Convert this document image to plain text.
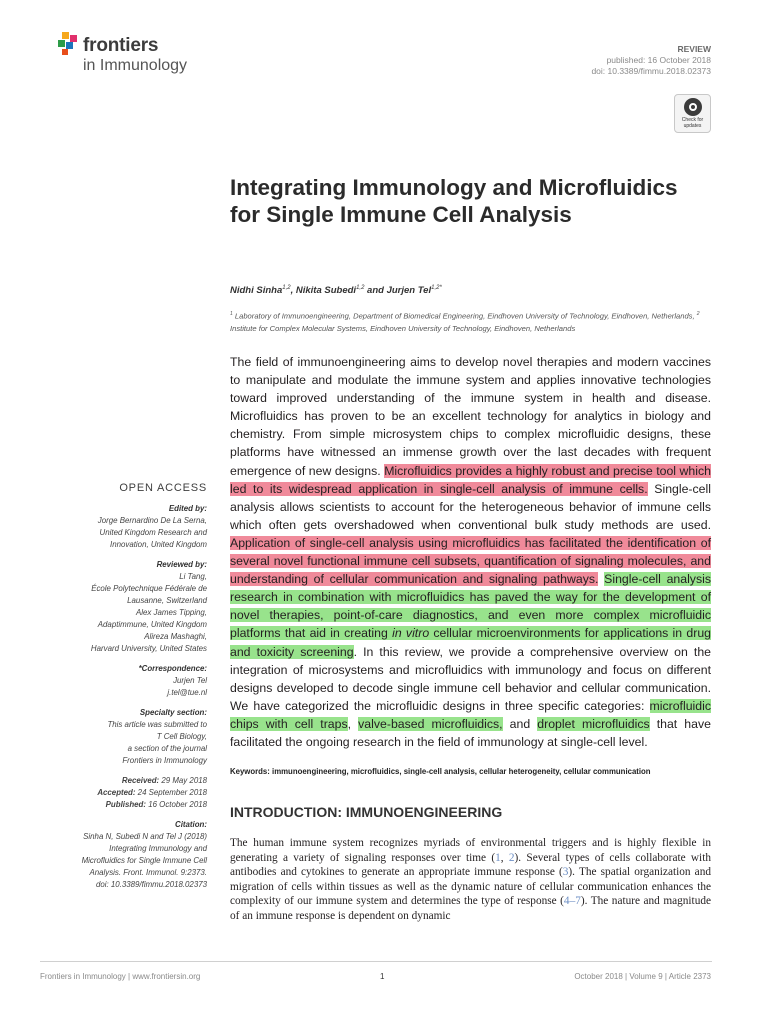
frontiers
in Immunology
REVIEW
published: 16 October 2018
doi: 10.3389/fimmu.2018.02373
Check for
updates
Integrating Immunology and Microfluidics for Single Immune Cell Analysis
Nidhi Sinha$^{1,2}$, Nikita Subedi$^{1,2}$ and Jurjen Tel$^{1,2*}$
$^1$ Laboratory of Immunoengineering, Department of Biomedical Engineering, Eindhoven University of Technology, Eindhoven, Netherlands, $^2$ Institute for Complex Molecular Systems, Eindhoven University of Technology, Eindhoven, Netherlands
The field of immunoengineering aims to develop novel therapies and modern vaccines to manipulate and modulate the immune system and applies innovative technologies toward improved understanding of the immune system in health and disease. Microfluidics has proven to be an excellent technology for analytics in biology and chemistry. From simple microsystem chips to complex microfluidic designs, these platforms have witnessed an immense growth over the last decades with frequent emergence of new designs. Microfluidics provides a highly robust and precise tool which led to its widespread application in single-cell analysis of immune cells. Single-cell analysis allows scientists to account for the heterogeneous behavior of immune cells which often gets overshadowed when conventional bulk study methods are used. Application of single-cell analysis using microfluidics has facilitated the identification of several novel functional immune cell subsets, quantification of signaling molecules, and understanding of cellular communication and signaling pathways. Single-cell analysis research in combination with microfluidics has paved the way for the development of novel therapies, point-of-care diagnostics, and even more complex microfluidic platforms that aid in creating in vitro cellular microenvironments for applications in drug and toxicity screening. In this review, we provide a comprehensive overview on the integration of microsystems and microfluidics with immunology and focus on different designs developed to decode single immune cell behavior and cellular communication. We have categorized the microfluidic designs in three specific categories: microfluidic chips with cell traps, valve-based microfluidics, and droplet microfluidics that have facilitated the ongoing research in the field of immunology at single-cell level.
Keywords: immunoengineering, microfluidics, single-cell analysis, cellular heterogeneity, cellular communication
INTRODUCTION: IMMUNOENGINEERING
The human immune system recognizes myriads of environmental triggers and is highly flexible in generating a variety of signaling responses over time (1, 2). Several types of cells collaborate with antibodies and cytokines to generate an appropriate immune response (3). The spatial organization and migration of cells within tissues as well as the dynamic nature of cellular communication enhances the complexity of our immune system and determines the type of response (4–7). The nature and magnitude of an immune response is dependent on dynamic
OPEN ACCESS
Edited by:
Jorge Bernardino De La Serna,
United Kingdom Research and
Innovation, United Kingdom
Reviewed by:
Li Tang,
École Polytechnique Fédérale de
Lausanne, Switzerland
Alex James Tipping,
Adaptimmune, United Kingdom
Alireza Mashaghi,
Harvard University, United States
*Correspondence:
Jurjen Tel
j.tel@tue.nl
Specialty section:
This article was submitted to
T Cell Biology,
a section of the journal
Frontiers in Immunology
Received: 29 May 2018
Accepted: 24 September 2018
Published: 16 October 2018
Citation:
Sinha N, Subedi N and Tel J (2018)
Integrating Immunology and
Microfluidics for Single Immune Cell
Analysis. Front. Immunol. 9:2373.
doi: 10.3389/fimmu.2018.02373
Frontiers in Immunology | www.frontiersin.org	1	October 2018 | Volume 9 | Article 2373
